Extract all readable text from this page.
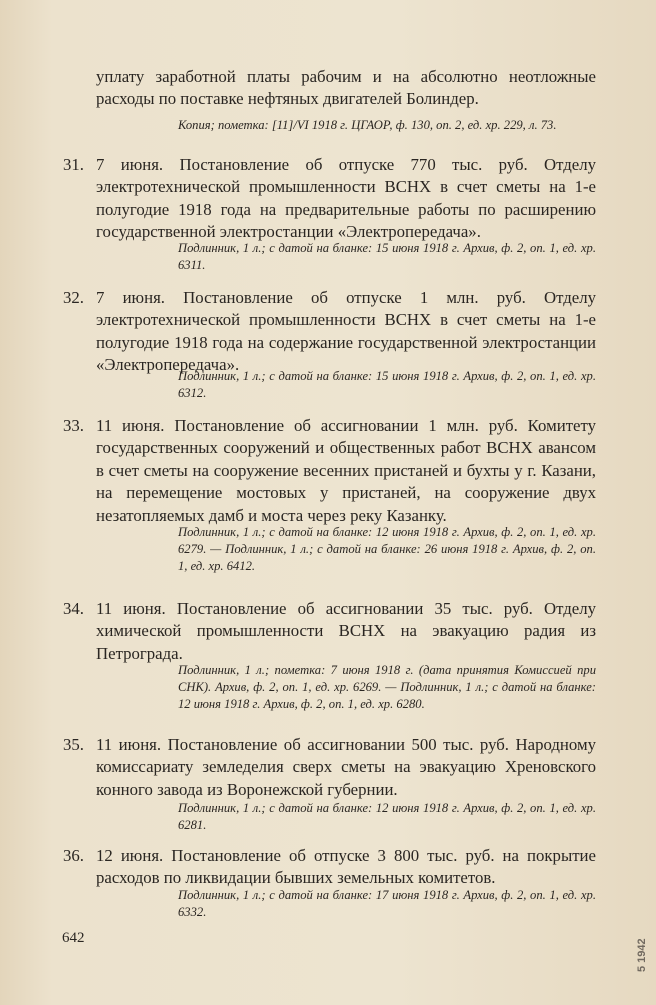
уплату заработной платы рабочим и на абсолютно неотложные расходы по поставке нефтяных двигателей Болиндер.
Копия; пометка: [11]/VI 1918 г. ЦГАОР, ф. 130, on. 2, ед. хр. 229, л. 73.
31. 7 июня. Постановление об отпуске 770 тыс. руб. Отделу электротехнической промышленности ВСНХ в счет сметы на 1-е полугодие 1918 года на предварительные работы по расширению государственной электростанции «Электропередача».
Подлинник, 1 л.; с датой на бланке: 15 июня 1918 г. Архив, ф. 2, on. 1, ед. хр. 6311.
32. 7 июня. Постановление об отпуске 1 млн. руб. Отделу электротехнической промышленности ВСНХ в счет сметы на 1-е полугодие 1918 года на содержание государственной электростанции «Электропередача».
Подлинник, 1 л.; с датой на бланке: 15 июня 1918 г. Архив, ф. 2, on. 1, ед. хр. 6312.
33. 11 июня. Постановление об ассигновании 1 млн. руб. Комитету государственных сооружений и общественных работ ВСНХ авансом в счет сметы на сооружение весенних пристаней и бухты у г. Казани, на перемещение мостовых у пристаней, на сооружение двух незатопляемых дамб и моста через реку Казанку.
Подлинник, 1 л.; с датой на бланке: 12 июня 1918 г. Архив, ф. 2, on. 1, ед. хр. 6279. — Подлинник, 1 л.; с датой на бланке: 26 июня 1918 г. Архив, ф. 2, on. 1, ед. хр. 6412.
34. 11 июня. Постановление об ассигновании 35 тыс. руб. Отделу химической промышленности ВСНХ на эвакуацию радия из Петрограда.
Подлинник, 1 л.; пометка: 7 июня 1918 г. (дата принятия Комиссией при СНК). Архив, ф. 2, on. 1, ед. хр. 6269. — Подлинник, 1 л.; с датой на бланке: 12 июня 1918 г. Архив, ф. 2, on. 1, ед. хр. 6280.
35. 11 июня. Постановление об ассигновании 500 тыс. руб. Народному комиссариату земледелия сверх сметы на эвакуацию Хреновского конного завода из Воронежской губернии.
Подлинник, 1 л.; с датой на бланке: 12 июня 1918 г. Архив, ф. 2, on. 1, ед. хр. 6281.
36. 12 июня. Постановление об отпуске 3 800 тыс. руб. на покрытие расходов по ликвидации бывших земельных комитетов.
Подлинник, 1 л.; с датой на бланке: 17 июня 1918 г. Архив, ф. 2, on. 1, ед. хр. 6332.
642
5 1942
